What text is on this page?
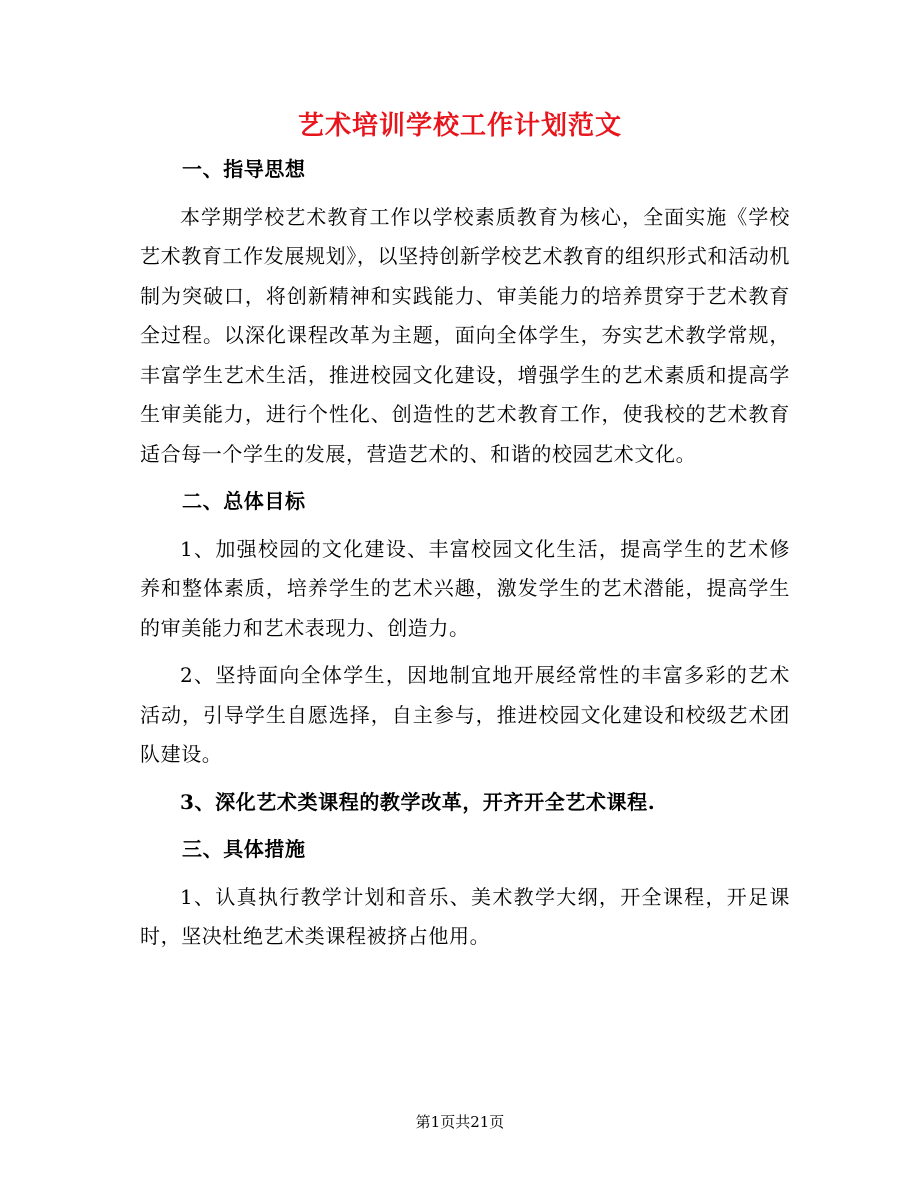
艺术培训学校工作计划范文

一、指导思想

本学期学校艺术教育工作以学校素质教育为核心，全面实施《学校艺术教育工作发展规划》，以坚持创新学校艺术教育的组织形式和活动机制为突破口，将创新精神和实践能力、审美能力的培养贯穿于艺术教育全过程。以深化课程改革为主题，面向全体学生，夯实艺术教学常规，丰富学生艺术生活，推进校园文化建设，增强学生的艺术素质和提高学生审美能力，进行个性化、创造性的艺术教育工作，使我校的艺术教育适合每一个学生的发展，营造艺术的、和谐的校园艺术文化。

二、总体目标

1、加强校园的文化建设、丰富校园文化生活，提高学生的艺术修养和整体素质，培养学生的艺术兴趣，激发学生的艺术潜能，提高学生的审美能力和艺术表现力、创造力。

2、坚持面向全体学生，因地制宜地开展经常性的丰富多彩的艺术活动，引导学生自愿选择，自主参与，推进校园文化建设和校级艺术团队建设。

3、深化艺术类课程的教学改革，开齐开全艺术课程.

三、具体措施

1、认真执行教学计划和音乐、美术教学大纲，开全课程，开足课时，坚决杜绝艺术类课程被挤占他用。

第1页共21页
